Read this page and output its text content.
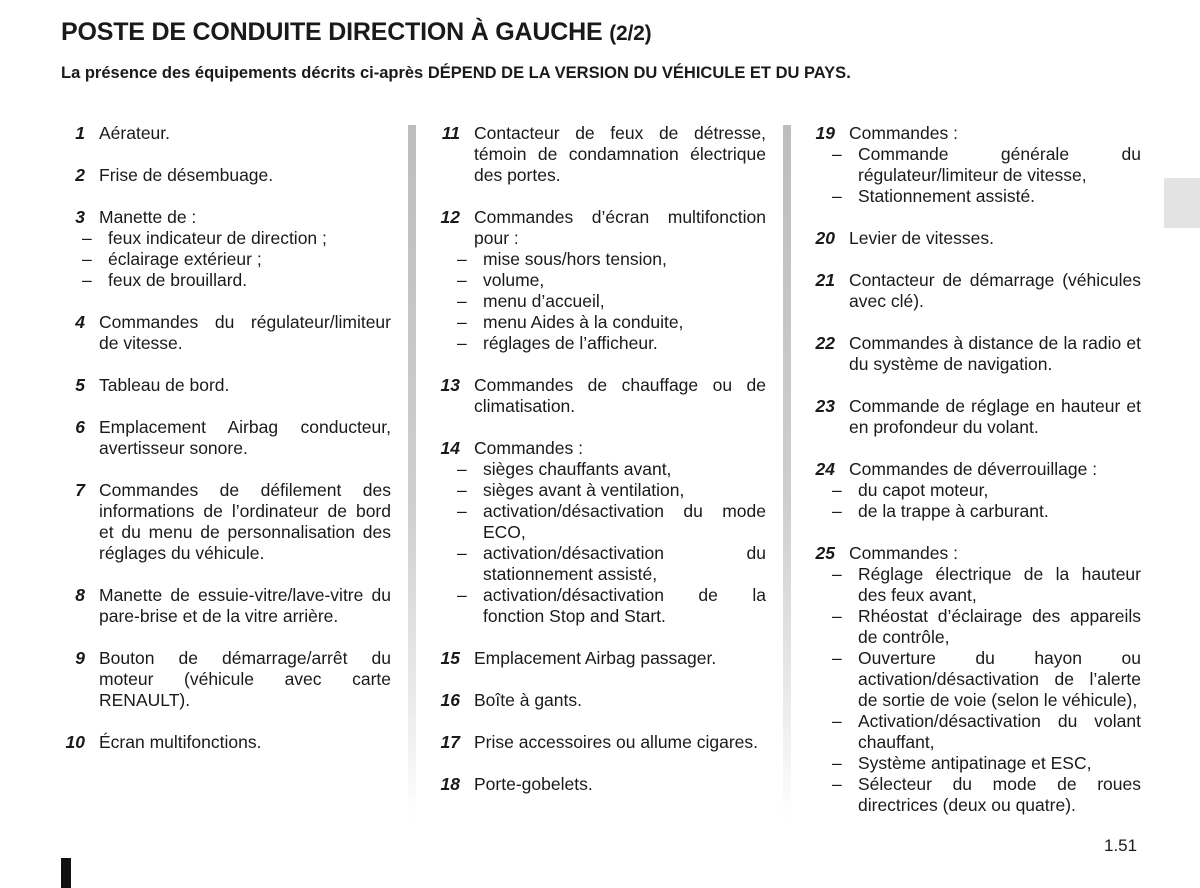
POSTE DE CONDUITE DIRECTION À GAUCHE (2/2)
La présence des équipements décrits ci-après DÉPEND DE LA VERSION DU VÉHICULE ET DU PAYS.
1 Aérateur.
2 Frise de désembuage.
3 Manette de :
– feux indicateur de direction ;
– éclairage extérieur ;
– feux de brouillard.
4 Commandes du régulateur/limiteur de vitesse.
5 Tableau de bord.
6 Emplacement Airbag conducteur, avertisseur sonore.
7 Commandes de défilement des informations de l’ordinateur de bord et du menu de personnalisation des réglages du véhicule.
8 Manette de essuie-vitre/lave-vitre du pare-brise et de la vitre arrière.
9 Bouton de démarrage/arrêt du moteur (véhicule avec carte RENAULT).
10 Écran multifonctions.
11 Contacteur de feux de détresse, témoin de condamnation électrique des portes.
12 Commandes d’écran multifonction pour :
– mise sous/hors tension,
– volume,
– menu d’accueil,
– menu Aides à la conduite,
– réglages de l’afficheur.
13 Commandes de chauffage ou de climatisation.
14 Commandes :
– sièges chauffants avant,
– sièges avant à ventilation,
– activation/désactivation du mode ECO,
– activation/désactivation du stationnement assisté,
– activation/désactivation de la fonction Stop and Start.
15 Emplacement Airbag passager.
16 Boîte à gants.
17 Prise accessoires ou allume cigares.
18 Porte-gobelets.
19 Commandes :
– Commande générale du régulateur/limiteur de vitesse,
– Stationnement assisté.
20 Levier de vitesses.
21 Contacteur de démarrage (véhicules avec clé).
22 Commandes à distance de la radio et du système de navigation.
23 Commande de réglage en hauteur et en profondeur du volant.
24 Commandes de déverrouillage :
– du capot moteur,
– de la trappe à carburant.
25 Commandes :
– Réglage électrique de la hauteur des feux avant,
– Rhéostat d’éclairage des appareils de contrôle,
– Ouverture du hayon ou activation/désactivation de l’alerte de sortie de voie (selon le véhicule),
– Activation/désactivation du volant chauffant,
– Système antipatinage et ESC,
– Sélecteur du mode de roues directrices (deux ou quatre).
1.51
